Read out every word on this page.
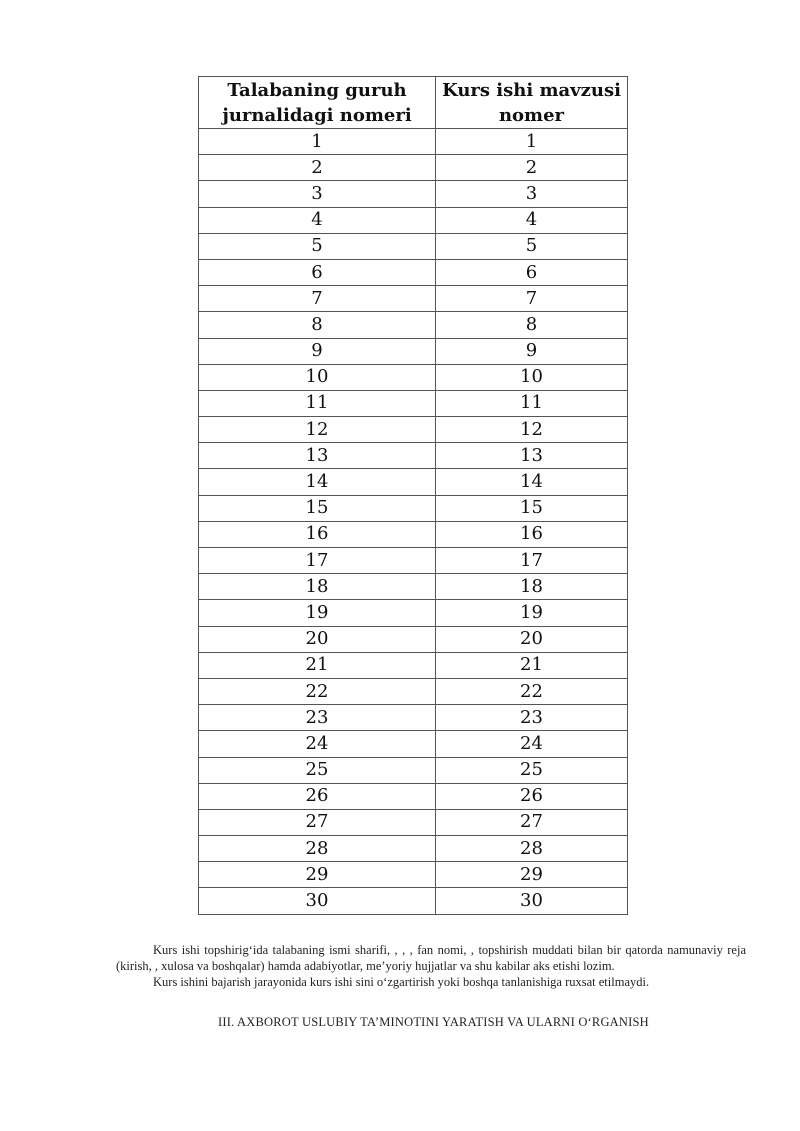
Talabaning guruh jurnalidagi nomeri	Kurs ishi mavzusi nomer
1	1
2	2
3	3
4	4
5	5
6	6
7	7
8	8
9	9
10	10
11	11
12	12
13	13
14	14
15	15
16	16
17	17
18	18
19	19
20	20
21	21
22	22
23	23
24	24
25	25
26	26
27	27
28	28
29	29
30	30

Kurs ishi topshirig‘ida talabaning ismi sharifi, , , , fan nomi, , topshirish muddati bilan bir qatorda namunaviy reja (kirish, , xulosa va boshqalar) hamda adabiyotlar, me’yoriy hujjatlar va shu kabilar aks etishi lozim.

Kurs ishini bajarish jarayonida kurs ishi sini o‘zgartirish yoki boshqa tanlanishiga ruxsat etilmaydi.

III. AXBOROT USLUBIY TA’MINOTINI YARATISH VA ULARNI O‘RGANISH
